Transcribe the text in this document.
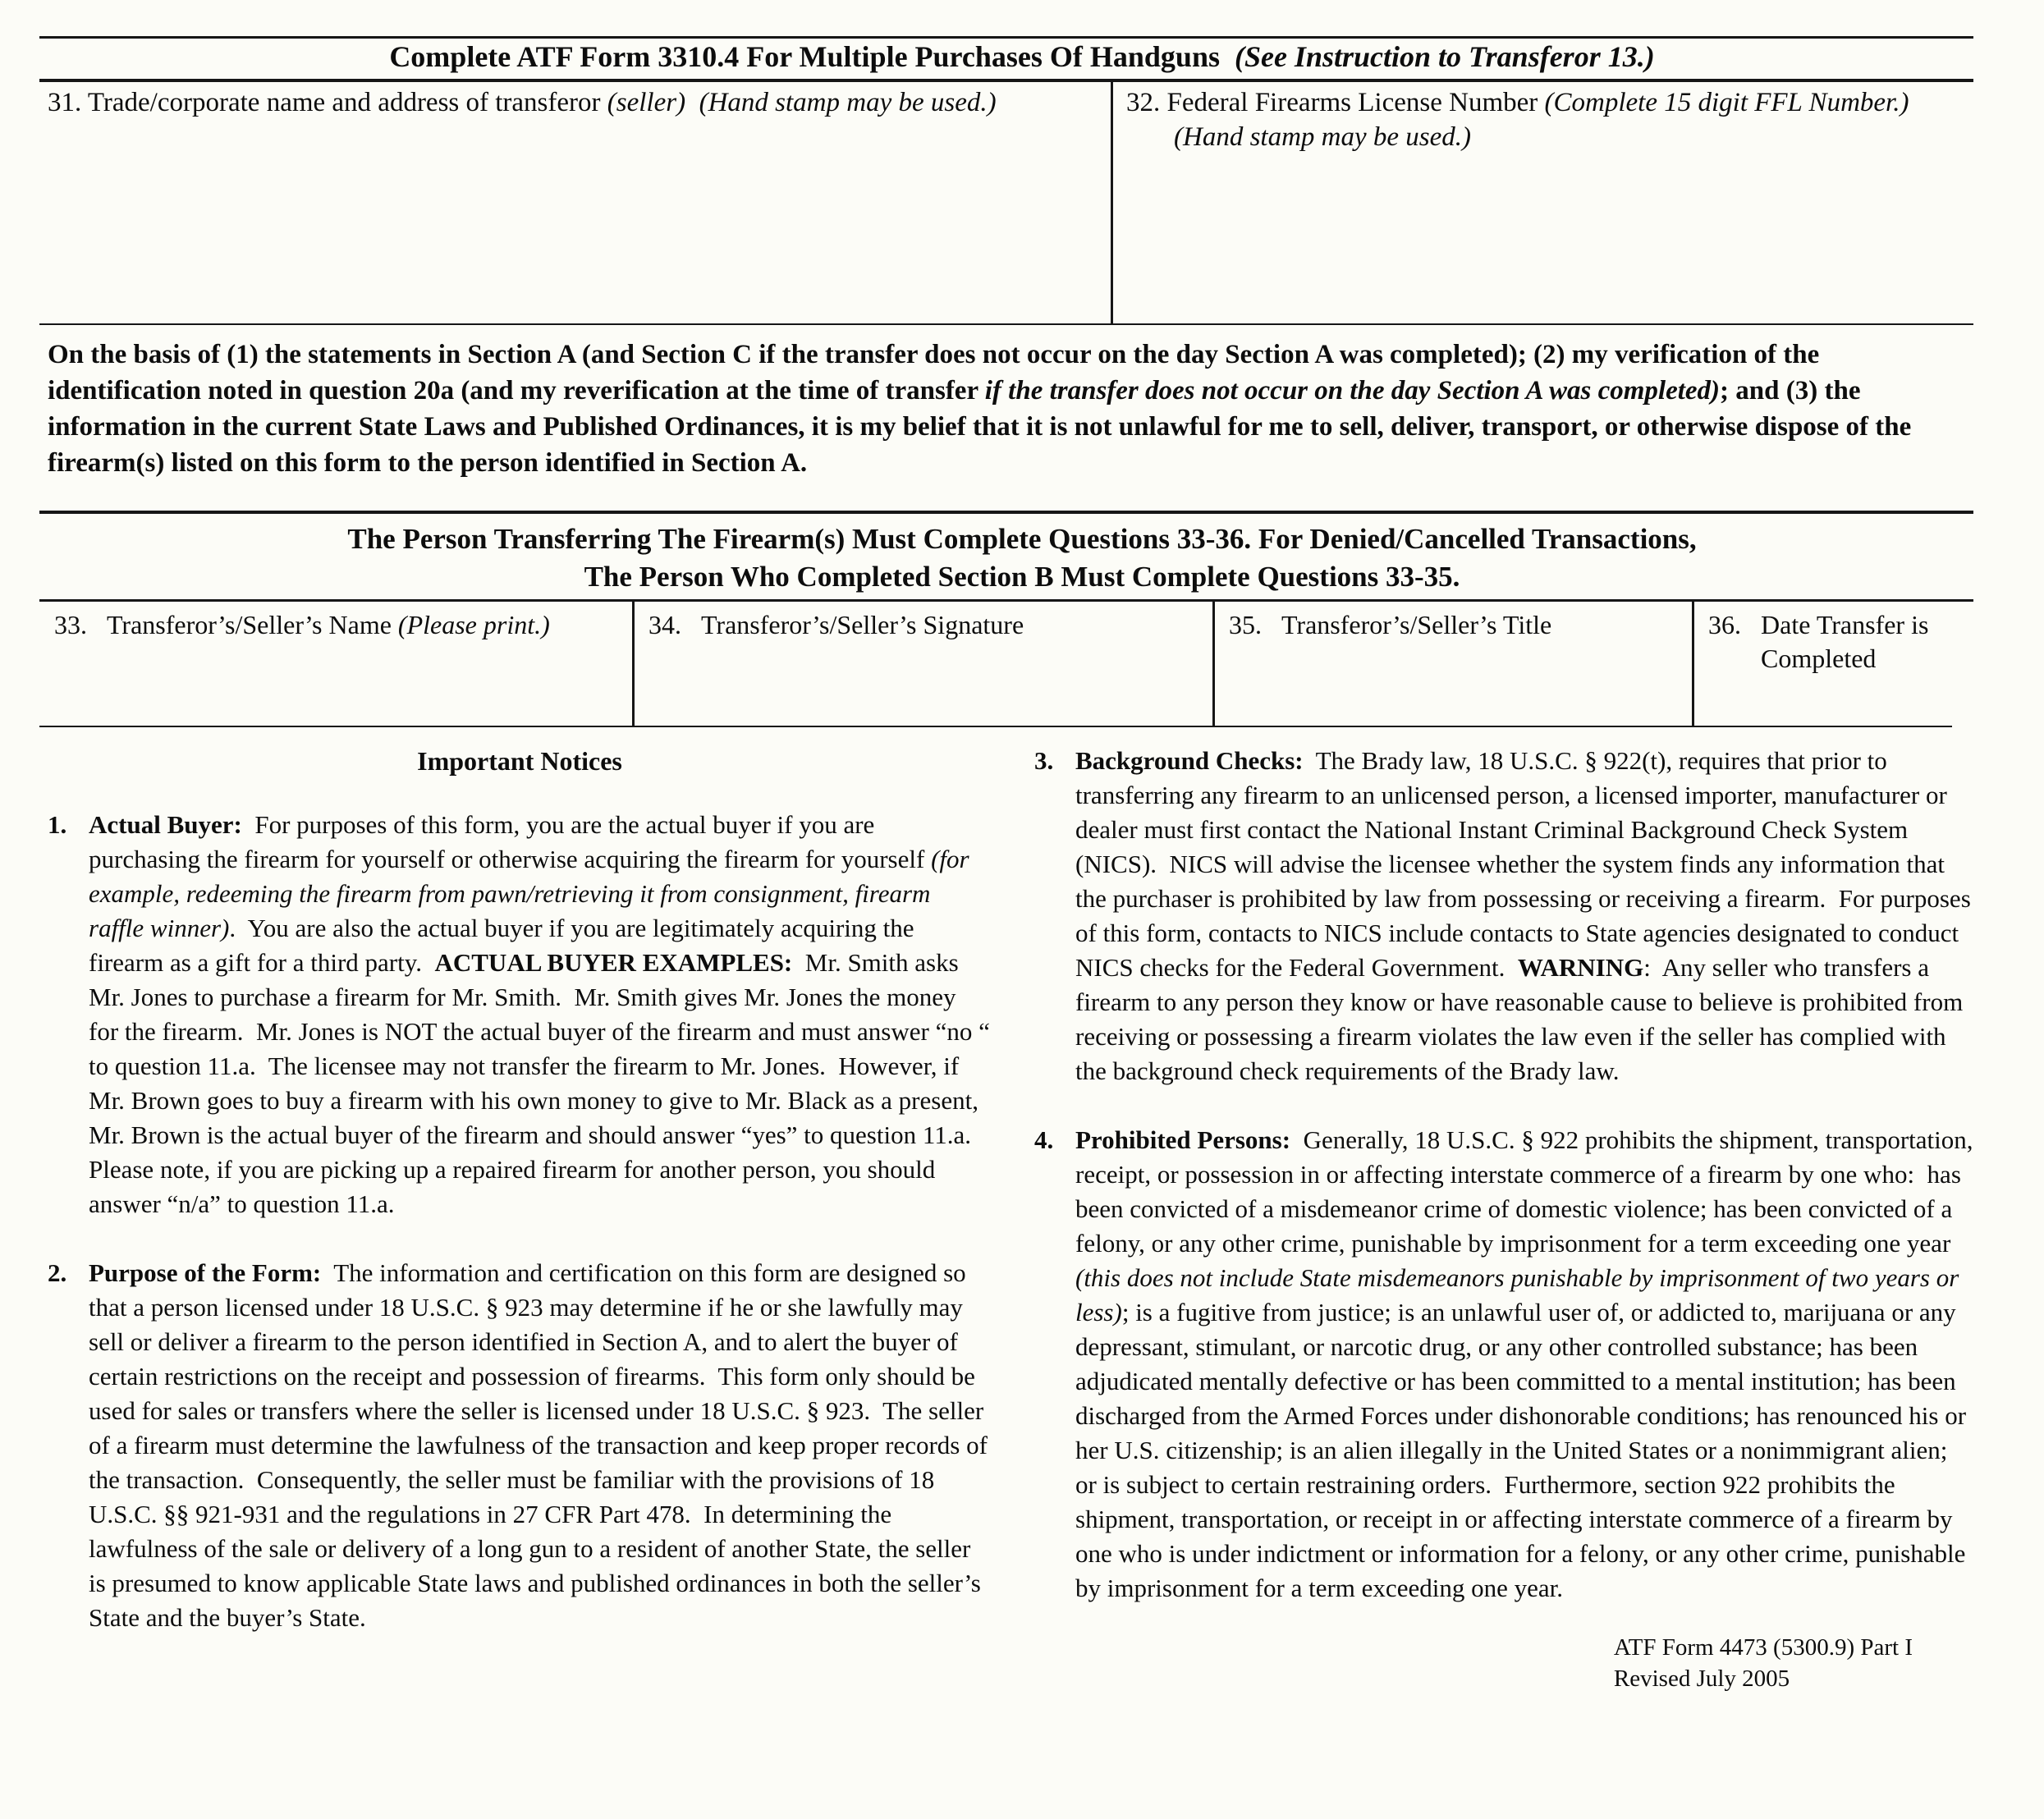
Complete ATF Form 3310.4 For Multiple Purchases Of Handguns  (See Instruction to Transferor 13.)
31. Trade/corporate name and address of transferor (seller) (Hand stamp may be used.)	32. Federal Firearms License Number (Complete 15 digit FFL Number.)  (Hand stamp may be used.)
On the basis of (1) the statements in Section A (and Section C if the transfer does not occur on the day Section A was completed); (2) my verification of the identification noted in question 20a (and my reverification at the time of transfer if the transfer does not occur on the day Section A was completed); and (3) the information in the current State Laws and Published Ordinances, it is my belief that it is not unlawful for me to sell, deliver, transport, or otherwise dispose of the firearm(s) listed on this form to the person identified in Section A.
The Person Transferring The Firearm(s) Must Complete Questions 33-36. For Denied/Cancelled Transactions,
The Person Who Completed Section B Must Complete Questions 33-35.
33. Transferor’s/Seller’s Name (Please print.)	34. Transferor’s/Seller’s Signature	35. Transferor’s/Seller’s Title	36. Date Transfer is Completed
Important Notices
1. Actual Buyer:  For purposes of this form, you are the actual buyer if you are purchasing the firearm for yourself or otherwise acquiring the firearm for yourself (for example, redeeming the firearm from pawn/retrieving it from consignment, firearm raffle winner).  You are also the actual buyer if you are legitimately acquiring the firearm as a gift for a third party.  ACTUAL BUYER EXAMPLES:  Mr. Smith asks Mr. Jones to purchase a firearm for Mr. Smith.  Mr. Smith gives Mr. Jones the money for the firearm.  Mr. Jones is NOT the actual buyer of the firearm and must answer “no “ to question 11.a.  The licensee may not transfer the firearm to Mr. Jones.  However, if Mr. Brown goes to buy a firearm with his own money to give to Mr. Black as a present, Mr. Brown is the actual buyer of the firearm and should answer “yes” to question 11.a.  Please note, if you are picking up a repaired firearm for another person, you should answer “n/a” to question 11.a.
2. Purpose of the Form:  The information and certification on this form are designed so that a person licensed under 18 U.S.C. § 923 may determine if he or she lawfully may sell or deliver a firearm to the person identified in Section A, and to alert the buyer of certain restrictions on the receipt and possession of firearms.  This form only should be used for sales or transfers where the seller is licensed under 18 U.S.C. § 923.  The seller of a firearm must determine the lawfulness of the transaction and keep proper records of the transaction.  Consequently, the seller must be familiar with the provisions of 18 U.S.C. §§ 921-931 and the regulations in 27 CFR Part 478.  In determining the lawfulness of the sale or delivery of a long gun to a resident of another State, the seller is presumed to know applicable State laws and published ordinances in both the seller’s State and the buyer’s State.
3. Background Checks:  The Brady law, 18 U.S.C. § 922(t), requires that prior to transferring any firearm to an unlicensed person, a licensed importer, manufacturer or dealer must first contact the National Instant Criminal Background Check System (NICS).  NICS will advise the licensee whether the system finds any information that the purchaser is prohibited by law from possessing or receiving a firearm.  For purposes of this form, contacts to NICS include contacts to State agencies designated to conduct NICS checks for the Federal Government.  WARNING:  Any seller who transfers a firearm to any person they know or have reasonable cause to believe is prohibited from receiving or possessing a firearm violates the law even if the seller has complied with the background check requirements of the Brady law.
4. Prohibited Persons:  Generally, 18 U.S.C. § 922 prohibits the shipment, transportation, receipt, or possession in or affecting interstate commerce of a firearm by one who:  has been convicted of a misdemeanor crime of domestic violence; has been convicted of a felony, or any other crime, punishable by imprisonment for a term exceeding one year (this does not include State misdemeanors punishable by imprisonment of two years or less); is a fugitive from justice; is an unlawful user of, or addicted to, marijuana or any depressant, stimulant, or narcotic drug, or any other controlled substance; has been adjudicated mentally defective or has been committed to a mental institution; has been discharged from the Armed Forces under dishonorable conditions; has renounced his or her U.S. citizenship; is an alien illegally in the United States or a nonimmigrant alien; or is subject to certain restraining orders.  Furthermore, section 922 prohibits the shipment, transportation, or receipt in or affecting interstate commerce of a firearm by one who is under indictment or information for a felony, or any other crime, punishable by imprisonment for a term exceeding one year.
ATF Form 4473 (5300.9) Part I
Revised July 2005
